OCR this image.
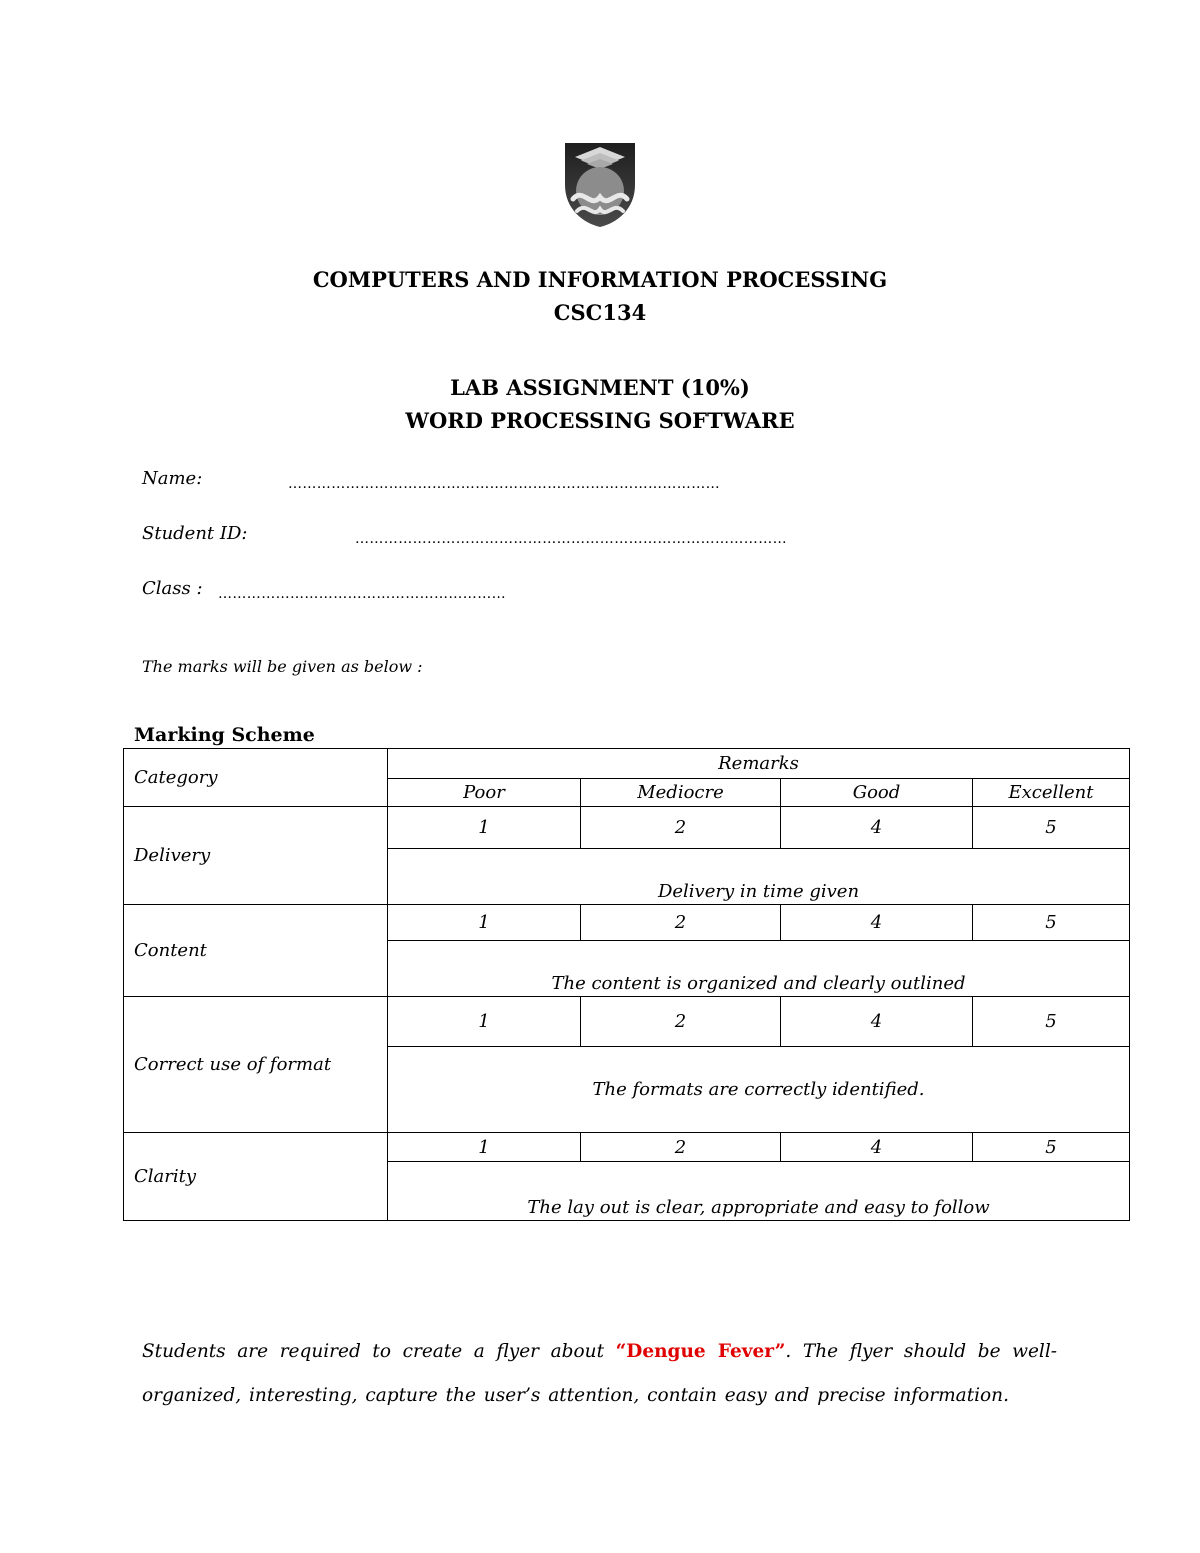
COMPUTERS AND INFORMATION PROCESSING
CSC134
LAB ASSIGNMENT (10%)
WORD PROCESSING SOFTWARE
Name:	………………………………………………………………………………
Student ID:	………………………………………………………………………………
Class : ……………………………………………………
The marks will be given as below :
Marking Scheme
Category	Remarks			
	Poor	Mediocre	Good	Excellent
Delivery	1	2	4	5
	Delivery in time given			
Content	1	2	4	5
	The content is organized and clearly outlined			
Correct use of format	1	2	4	5
	The formats are correctly identified.			
Clarity	1	2	4	5
	The lay out is clear, appropriate and easy to follow			
Students are required to create a flyer about “Dengue Fever”. The flyer should be well-organized, interesting, capture the user’s attention, contain easy and precise information.
